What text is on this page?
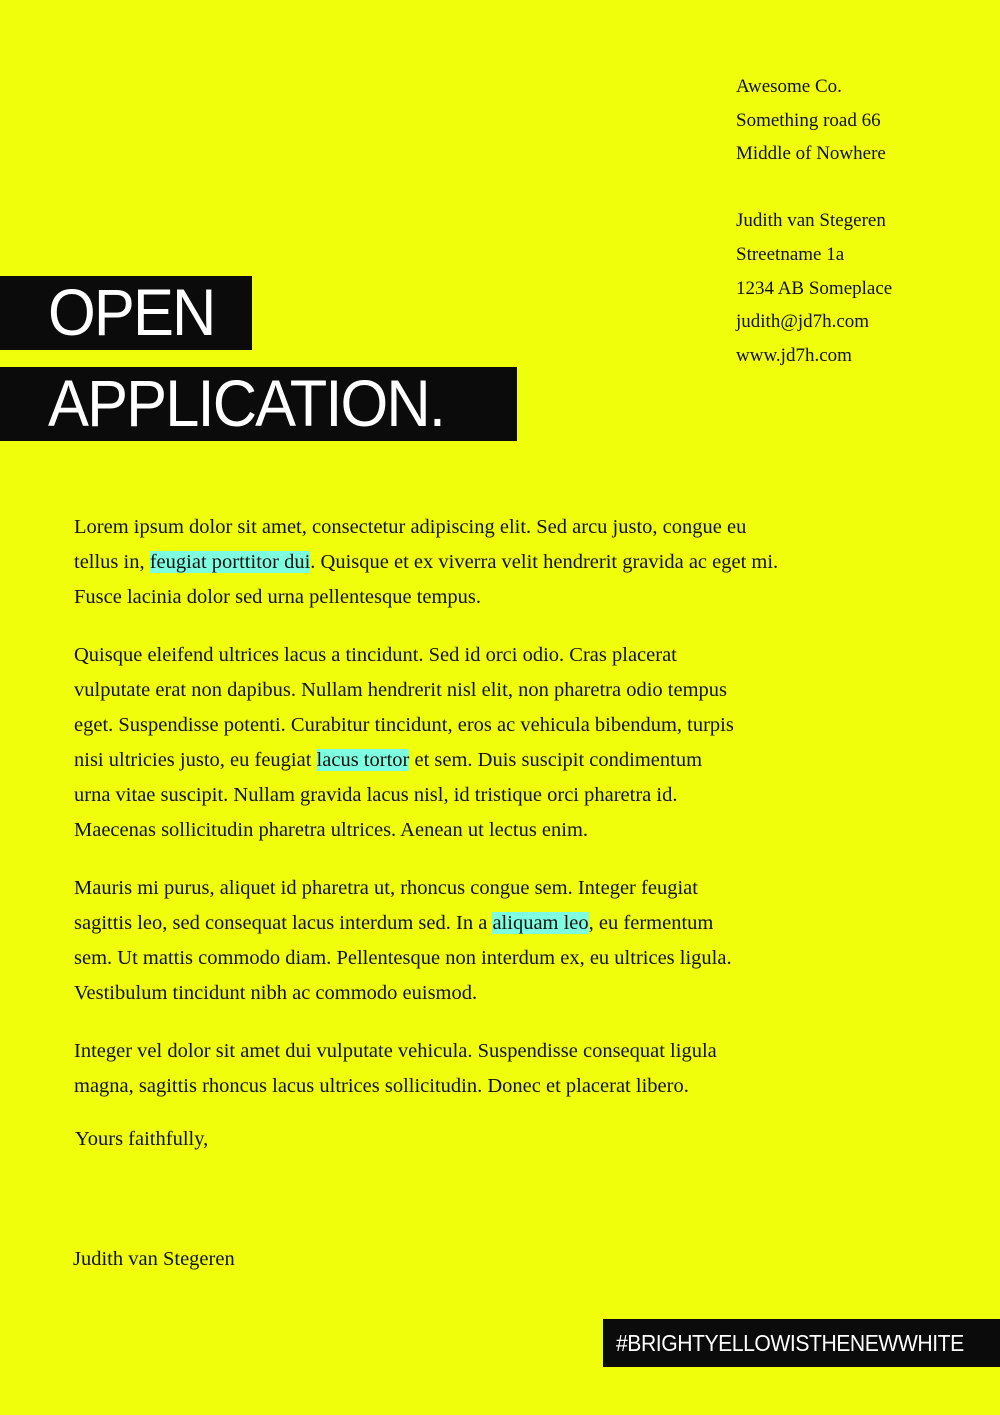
Awesome Co.
Something road 66
Middle of Nowhere
Judith van Stegeren
Streetname 1a
1234 AB Someplace
judith@jd7h.com
www.jd7h.com
OPEN
APPLICATION.
Lorem ipsum dolor sit amet, consectetur adipiscing elit. Sed arcu justo, congue eu
tellus in, feugiat porttitor dui. Quisque et ex viverra velit hendrerit gravida ac eget mi.
Fusce lacinia dolor sed urna pellentesque tempus.
Quisque eleifend ultrices lacus a tincidunt. Sed id orci odio. Cras placerat
vulputate erat non dapibus. Nullam hendrerit nisl elit, non pharetra odio tempus
eget. Suspendisse potenti. Curabitur tincidunt, eros ac vehicula bibendum, turpis
nisi ultricies justo, eu feugiat lacus tortor et sem. Duis suscipit condimentum
urna vitae suscipit. Nullam gravida lacus nisl, id tristique orci pharetra id.
Maecenas sollicitudin pharetra ultrices. Aenean ut lectus enim.
Mauris mi purus, aliquet id pharetra ut, rhoncus congue sem. Integer feugiat
sagittis leo, sed consequat lacus interdum sed. In a aliquam leo, eu fermentum
sem. Ut mattis commodo diam. Pellentesque non interdum ex, eu ultrices ligula.
Vestibulum tincidunt nibh ac commodo euismod.
Integer vel dolor sit amet dui vulputate vehicula. Suspendisse consequat ligula
magna, sagittis rhoncus lacus ultrices sollicitudin. Donec et placerat libero.
Yours faithfully,
Judith van Stegeren
#BRIGHTYELLOWISTHENEWWHITE
